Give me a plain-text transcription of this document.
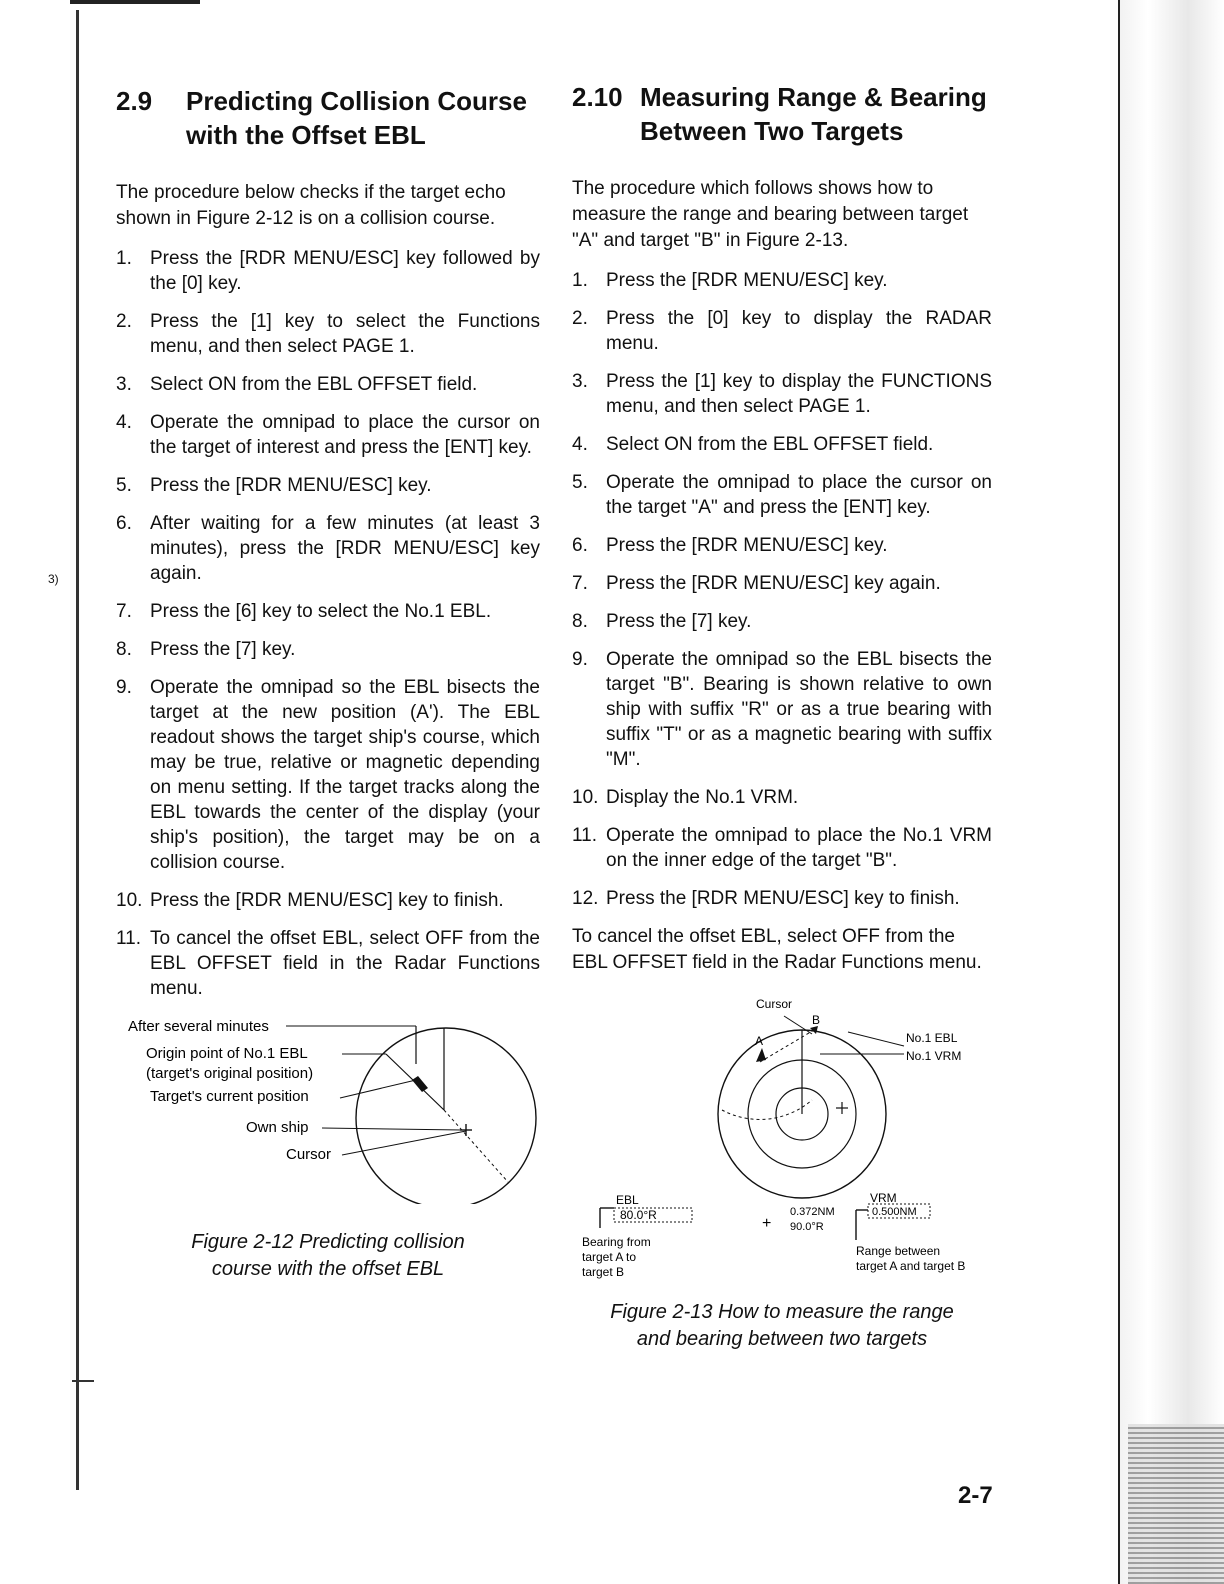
3)
2.9	Predicting Collision Course with the Offset EBL

The procedure below checks if the target echo shown in Figure 2-12 is on a collision course.

1. Press the [RDR MENU/ESC] key followed by the [0] key.
2. Press the [1] key to select the Functions menu, and then select PAGE 1.
3. Select ON from the EBL OFFSET field.
4. Operate the omnipad to place the cursor on the target of interest and press the [ENT] key.
5. Press the [RDR MENU/ESC] key.
6. After waiting for a few minutes (at least 3 minutes), press the [RDR MENU/ESC] key again.
7. Press the [6] key to select the No.1 EBL.
8. Press the [7] key.
9. Operate the omnipad so the EBL bisects the target at the new position (A'). The EBL readout shows the target ship's course, which may be true, relative or magnetic depending on menu setting. If the target tracks along the EBL towards the center of the display (your ship's position), the target may be on a collision course.
10. Press the [RDR MENU/ESC] key to finish.
11. To cancel the offset EBL, select OFF from the EBL OFFSET field in the Radar Functions menu.
After several minutes
Origin point of No.1 EBL
(target's original position)
Target's current position
Own ship
Cursor
Figure 2-12 Predicting collision
course with the offset EBL
2.10 Measuring Range & Bearing Between Two Targets

The procedure which follows shows how to measure the range and bearing between target "A" and target "B" in Figure 2-13.

1. Press the [RDR MENU/ESC] key.
2. Press the [0] key to display the RADAR menu.
3. Press the [1] key to display the FUNCTIONS menu, and then select PAGE 1.
4. Select ON from the EBL OFFSET field.
5. Operate the omnipad to place the cursor on the target "A" and press the [ENT] key.
6. Press the [RDR MENU/ESC] key.
7. Press the [RDR MENU/ESC] key again.
8. Press the [7] key.
9. Operate the omnipad so the EBL bisects the target "B". Bearing is shown relative to own ship with suffix "R" or as a true bearing with suffix "T" or as a magnetic bearing with suffix "M".
10. Display the No.1 VRM.
11. Operate the omnipad to place the No.1 VRM on the inner edge of the target "B".
12. Press the [RDR MENU/ESC] key to finish.

To cancel the offset EBL, select OFF from the EBL OFFSET field in the Radar Functions menu.

Cursor
A
B
No.1 EBL
No.1 VRM
EBL
80.0°R
Bearing from
target A to
target B
+
0.372NM
90.0°R
VRM
0.500NM
Range between
target A and target B
Figure 2-13 How to measure the range
and bearing between two targets
2-7
